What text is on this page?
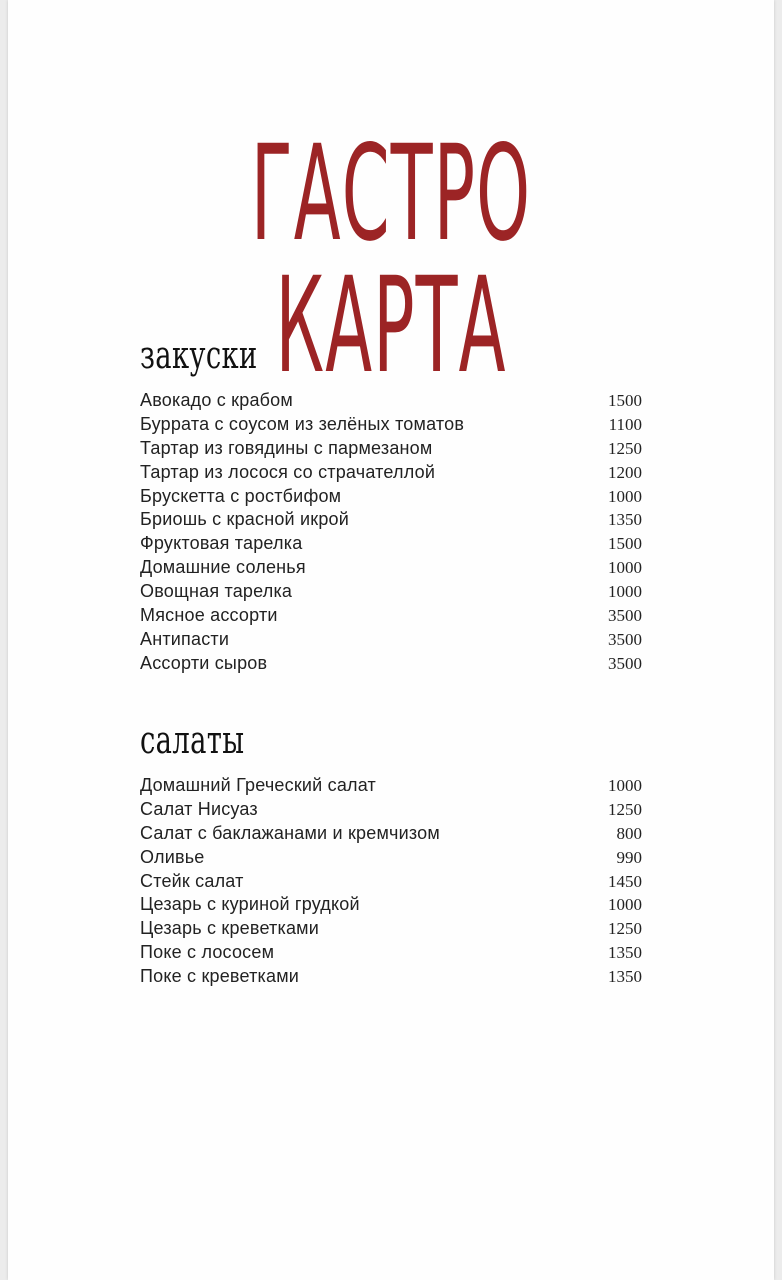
ГАСТРО КАРТА
закуски
Авокадо с крабом	1500
Буррата с соусом из зелёных томатов	1100
Тартар из говядины с пармезаном	1250
Тартар из лосося со страчателлой	1200
Брускетта с ростбифом	1000
Бриошь с красной икрой	1350
Фруктовая тарелка	1500
Домашние соленья	1000
Овощная тарелка	1000
Мясное ассорти	3500
Антипасти	3500
Ассорти сыров	3500
салаты
Домашний Греческий салат	1000
Салат Нисуаз	1250
Салат с баклажанами и кремчизом	800
Оливье	990
Стейк салат	1450
Цезарь с куриной грудкой	1000
Цезарь с креветками	1250
Поке с лососем	1350
Поке с креветками	1350
